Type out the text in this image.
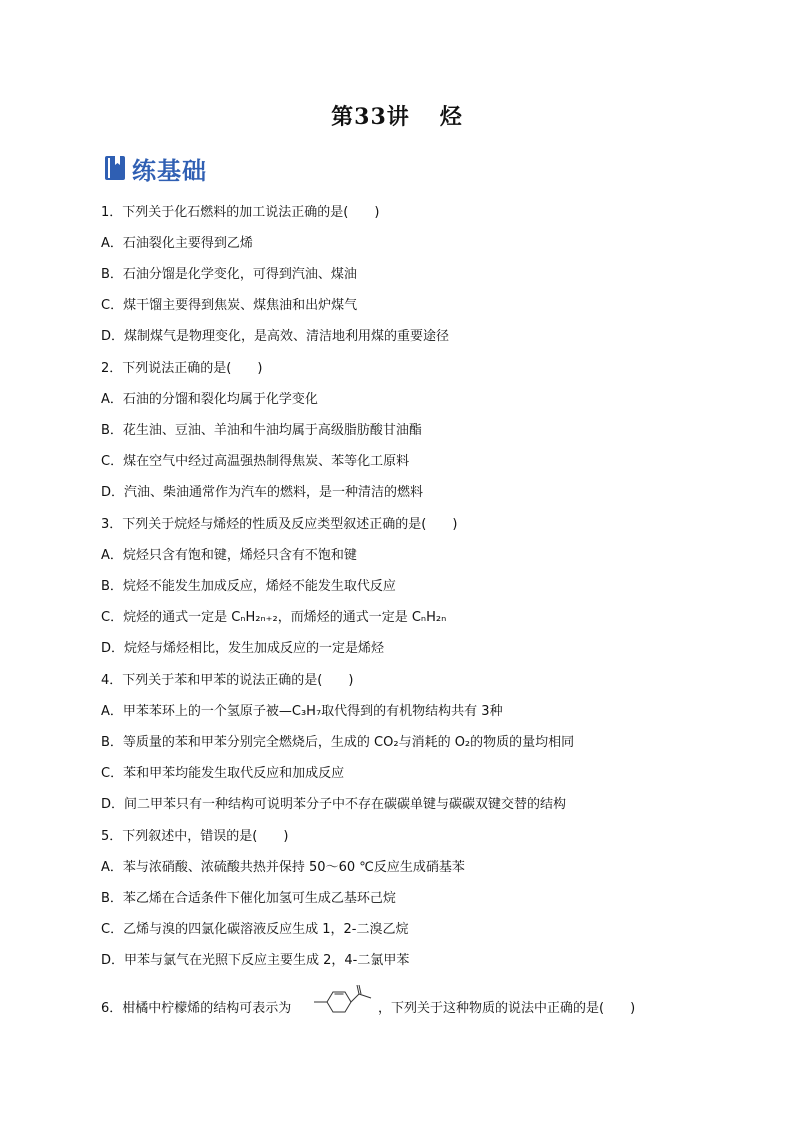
第33讲 烃
练基础
1．下列关于化石燃料的加工说法正确的是(　　)
A．石油裂化主要得到乙烯
B．石油分馏是化学变化，可得到汽油、煤油
C．煤干馏主要得到焦炭、煤焦油和出炉煤气
D．煤制煤气是物理变化，是高效、清洁地利用煤的重要途径
2．下列说法正确的是(　　)
A．石油的分馏和裂化均属于化学变化
B．花生油、豆油、羊油和牛油均属于高级脂肪酸甘油酯
C．煤在空气中经过高温强热制得焦炭、苯等化工原料
D．汽油、柴油通常作为汽车的燃料，是一种清洁的燃料
3．下列关于烷烃与烯烃的性质及反应类型叙述正确的是(　　)
A．烷烃只含有饱和键，烯烃只含有不饱和键
B．烷烃不能发生加成反应，烯烃不能发生取代反应
C．烷烃的通式一定是 CₙH₂ₙ₊₂，而烯烃的通式一定是 CₙH₂ₙ
D．烷烃与烯烃相比，发生加成反应的一定是烯烃
4．下列关于苯和甲苯的说法正确的是(　　)
A．甲苯苯环上的一个氢原子被—C₃H₇取代得到的有机物结构共有 3种
B．等质量的苯和甲苯分别完全燃烧后，生成的 CO₂与消耗的 O₂的物质的量均相同
C．苯和甲苯均能发生取代反应和加成反应
D．间二甲苯只有一种结构可说明苯分子中不存在碳碳单键与碳碳双键交替的结构
5．下列叙述中，错误的是(　　)
A．苯与浓硝酸、浓硫酸共热并保持 50～60 ℃反应生成硝基苯
B．苯乙烯在合适条件下催化加氢可生成乙基环己烷
C．乙烯与溴的四氯化碳溶液反应生成 1，2-二溴乙烷
D．甲苯与氯气在光照下反应主要生成 2，4-二氯甲苯
6．柑橘中柠檬烯的结构可表示为	，下列关于这种物质的说法中正确的是(　　)
